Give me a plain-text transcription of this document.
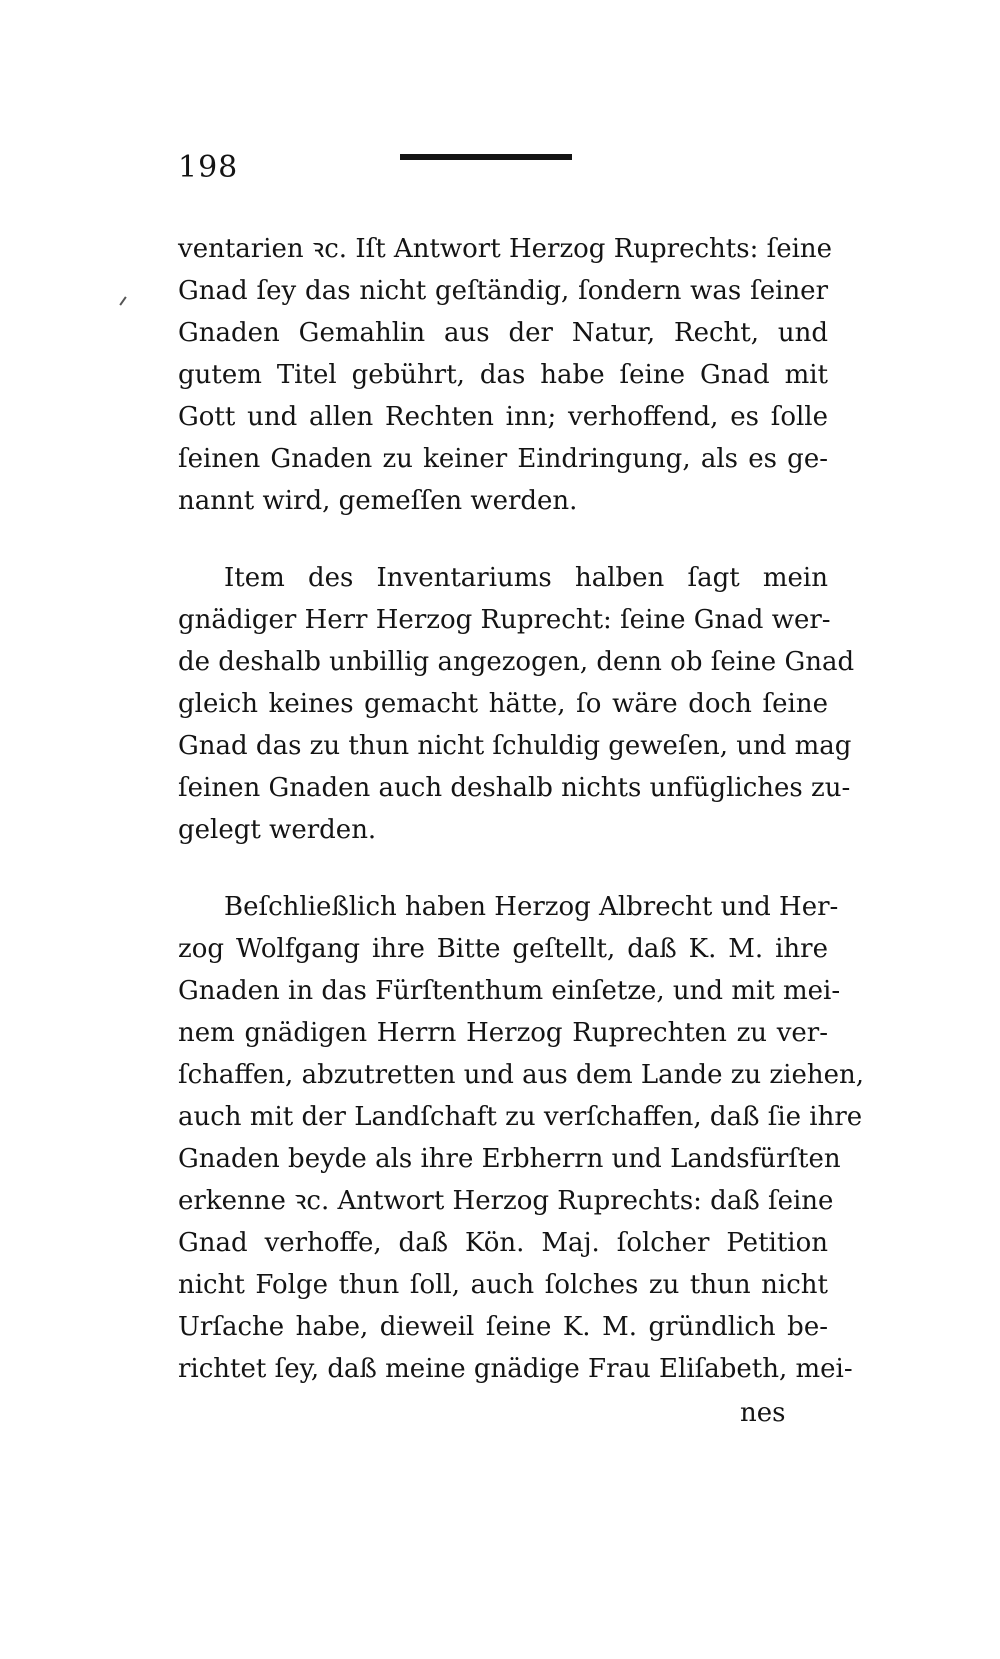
198
ventarien ꝛc. Iſt Antwort Herzog Ruprechts: ſeine
Gnad ſey das nicht geſtändig, ſondern was ſeiner
Gnaden Gemahlin aus der Natur, Recht, und
gutem Titel gebührt, das habe ſeine Gnad mit
Gott und allen Rechten inn; verhoffend, es ſolle
ſeinen Gnaden zu keiner Eindringung, als es ge-
nannt wird, gemeſſen werden.
Item des Inventariums halben ſagt mein
gnädiger Herr Herzog Ruprecht: ſeine Gnad wer-
de deshalb unbillig angezogen, denn ob ſeine Gnad
gleich keines gemacht hätte, ſo wäre doch ſeine
Gnad das zu thun nicht ſchuldig geweſen, und mag
ſeinen Gnaden auch deshalb nichts unfügliches zu-
gelegt werden.
Beſchließlich haben Herzog Albrecht und Her-
zog Wolfgang ihre Bitte geſtellt, daß K. M. ihre
Gnaden in das Fürſtenthum einſetze, und mit mei-
nem gnädigen Herrn Herzog Ruprechten zu ver-
ſchaffen, abzutretten und aus dem Lande zu ziehen,
auch mit der Landſchaft zu verſchaffen, daß ſie ihre
Gnaden beyde als ihre Erbherrn und Landsfürſten
erkenne ꝛc. Antwort Herzog Ruprechts: daß ſeine
Gnad verhoffe, daß Kön. Maj. ſolcher Petition
nicht Folge thun ſoll, auch ſolches zu thun nicht
Urſache habe, dieweil ſeine K. M. gründlich be-
richtet ſey, daß meine gnädige Frau Eliſabeth, mei-
nes
